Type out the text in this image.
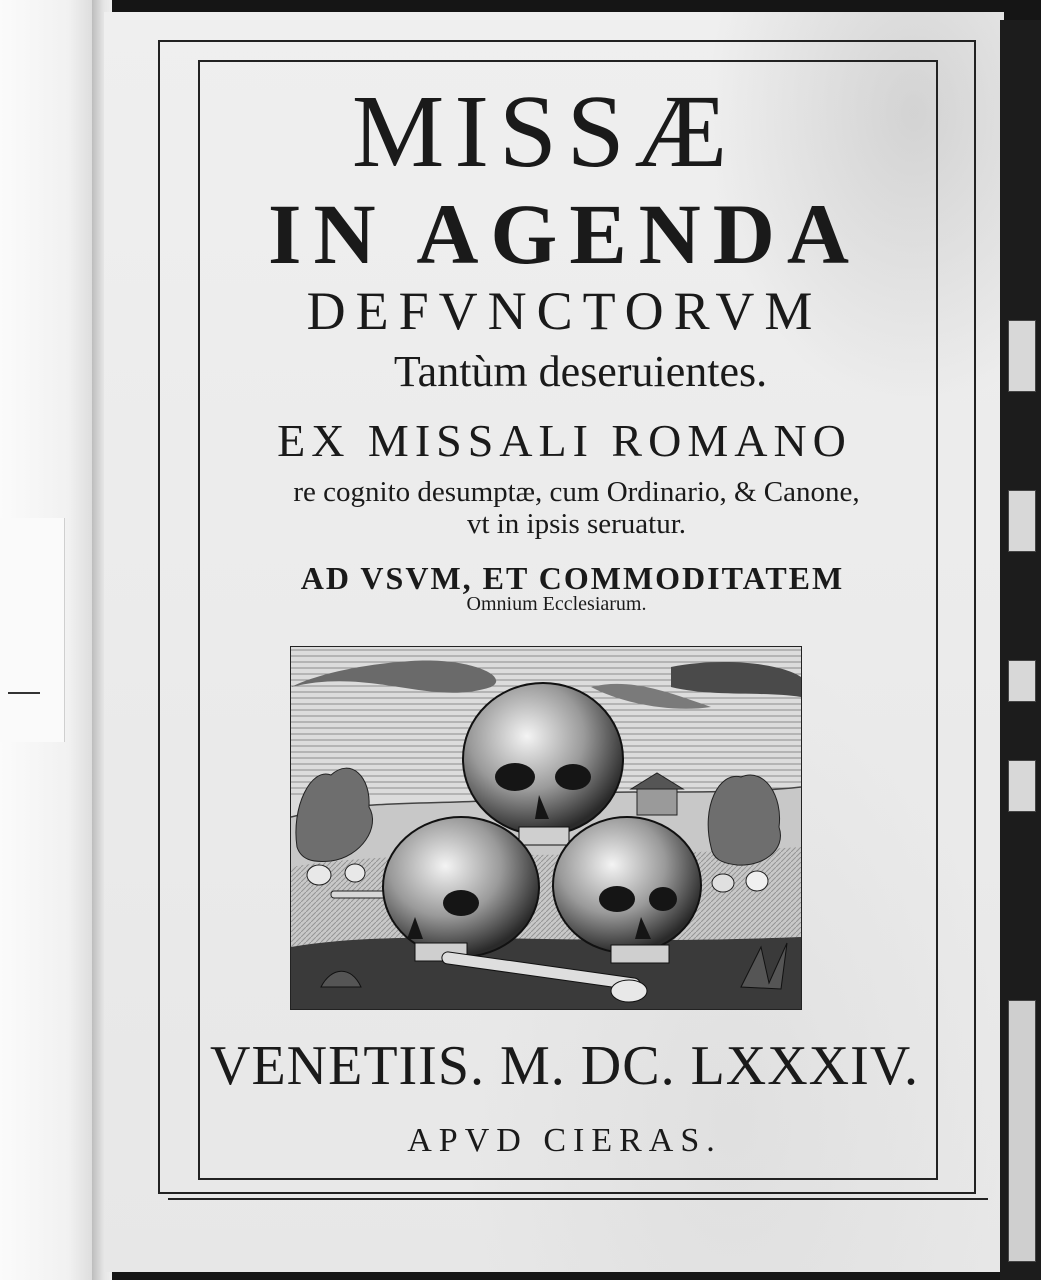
MISSÆ
IN AGENDA
DEFVNCTORVM
Tantùm deseruientes.
EX MISSALI ROMANO
re cognito desumptæ, cum Ordinario, & Canone,
vt in ipsis seruatur.
AD VSVM, ET COMMODITATEM
Omnium Ecclesiarum.
VENETIIS. M. DC. LXXXIV.
APVD CIERAS.
